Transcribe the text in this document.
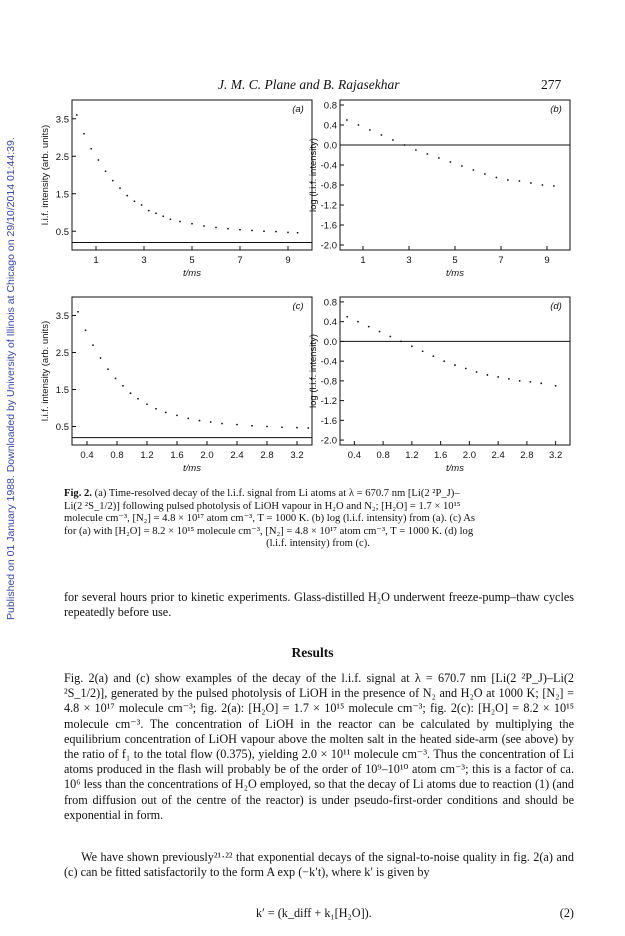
Published on 01 January 1988. Downloaded by University of Illinois at Chicago on 29/10/2014 01:44:39.
J. M. C. Plane and B. Rajasekhar	277
0.5
1.5
2.5
3.5
1	3	5	7	9
t/ms
l.i.f. intensity (arb. units)
(a) 0.8
0.4
0.0
-0.4
-0.8
-1.2
-1.6
-2.0
1	3	5	7	9
t/ms
log (l.i.f. intensity)
(b)
0.5
1.5
2.5
3.5
0.4 0.8 1.2 1.6 2.0 2.4 2.8 3.2
t/ms
l.i.f. intensity (arb. units)
(c) 0.8
0.4
0.0
-0.4
-0.8
-1.2
-1.6
-2.0
0.4 0.8 1.2 1.6 2.0 2.4 2.8 3.2
t/ms
log (l.i.f. intensity)
(d)
Fig. 2. (a) Time-resolved decay of the l.i.f. signal from Li atoms at λ = 670.7 nm [Li(2 ²P_J)–
Li(2 ²S_1/2)] following pulsed photolysis of LiOH vapour in H₂O and N₂; [H₂O] = 1.7 × 10¹⁵
molecule cm⁻³, [N₂] = 4.8 × 10¹⁷ atom cm⁻³, T = 1000 K. (b) log (l.i.f. intensity) from (a). (c) As
for (a) with [H₂O] = 8.2 × 10¹⁵ molecule cm⁻³, [N₂] = 4.8 × 10¹⁷ atom cm⁻³, T = 1000 K. (d) log
(l.i.f. intensity) from (c).

for several hours prior to kinetic experiments. Glass-distilled H₂O underwent freeze-pump–thaw cycles repeatedly before use.

Results

Fig. 2(a) and (c) show examples of the decay of the l.i.f. signal at λ = 670.7 nm [Li(2 ²P_J)–Li(2 ²S_1/2)], generated by the pulsed photolysis of LiOH in the presence of N₂ and H₂O at 1000 K; [N₂] = 4.8 × 10¹⁷ molecule cm⁻³; fig. 2(a): [H₂O] = 1.7 × 10¹⁵ molecule cm⁻³; fig. 2(c): [H₂O] = 8.2 × 10¹⁵ molecule cm⁻³. The concentration of LiOH in the reactor can be calculated by multiplying the equilibrium concentration of LiOH vapour above the molten salt in the heated side-arm (see above) by the ratio of f₁ to the total flow (0.375), yielding 2.0 × 10¹¹ molecule cm⁻³. Thus the concentration of Li atoms produced in the flash will probably be of the order of 10⁹–10¹⁰ atom cm⁻³; this is a factor of ca. 10⁶ less than the concentrations of H₂O employed, so that the decay of Li atoms due to reaction (1) (and from diffusion out of the centre of the reactor) is under pseudo-first-order conditions and should be exponential in form.

We have shown previously²¹·²² that exponential decays of the signal-to-noise quality in fig. 2(a) and (c) can be fitted satisfactorily to the form A exp (−k′t), where k′ is given by

k′ = (k_diff + k₁[H₂O]).	(2)
